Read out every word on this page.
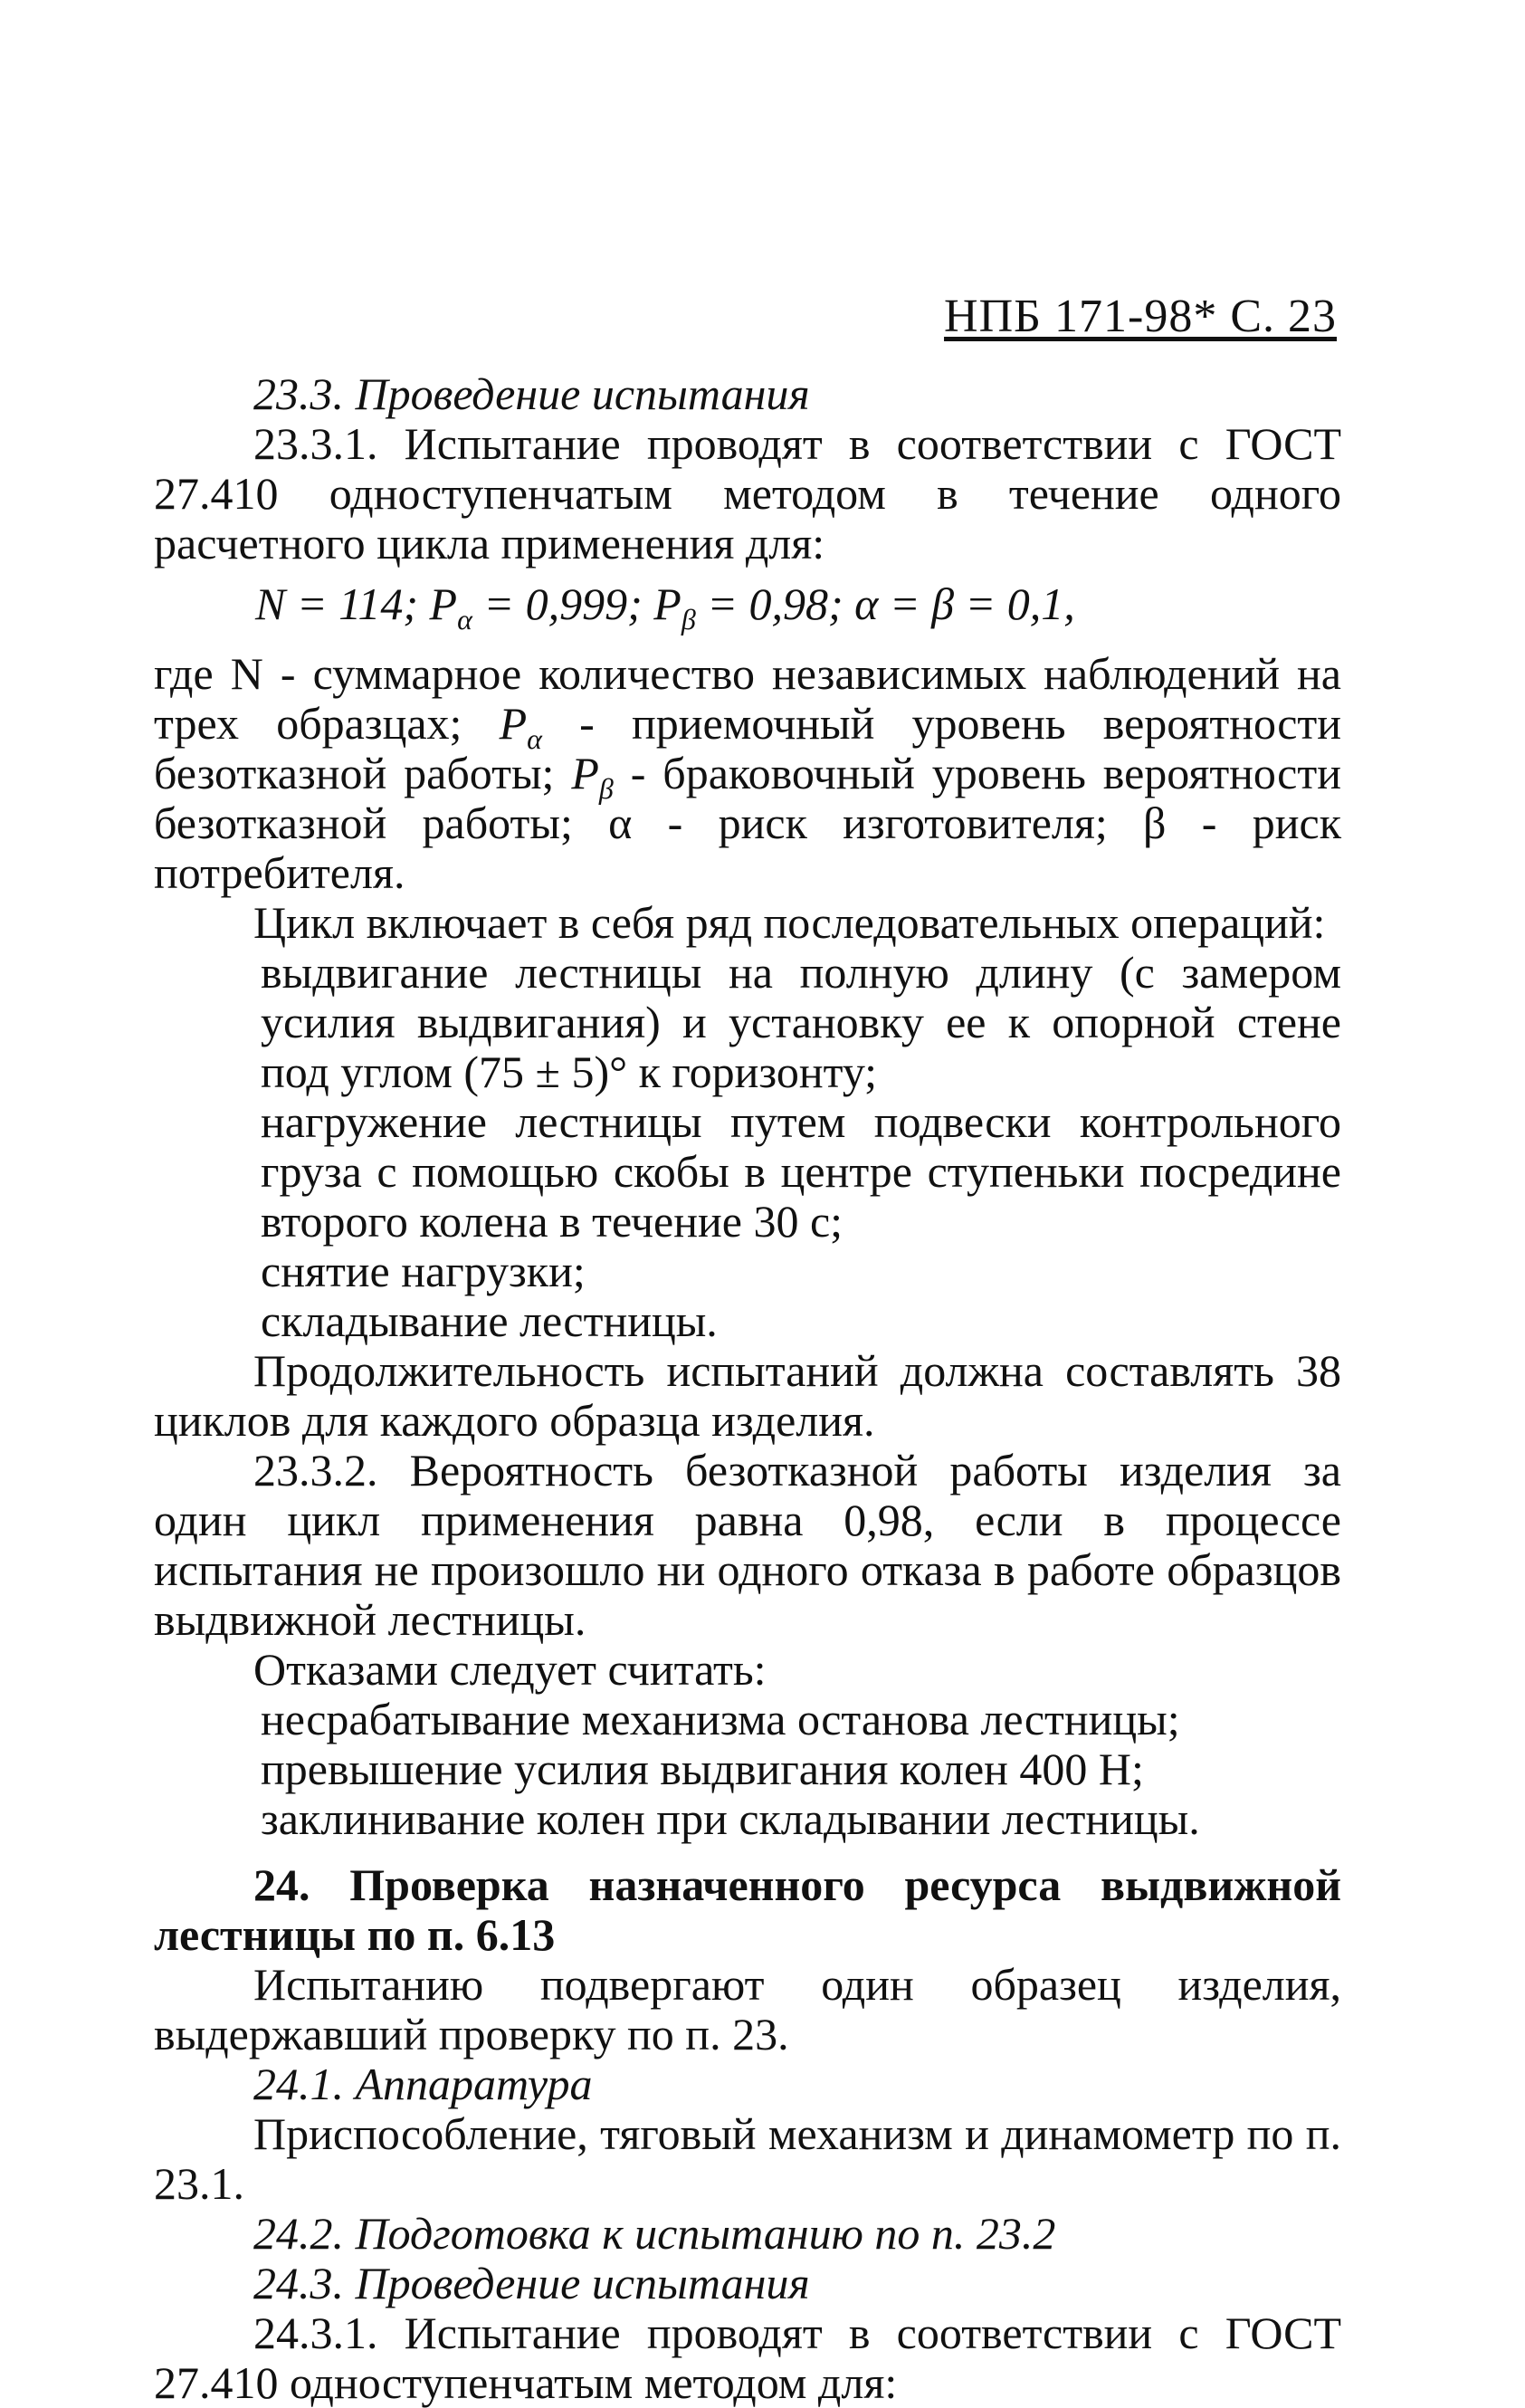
НПБ 171-98* С. 23

23.3. Проведение испытания

23.3.1. Испытание проводят в соответствии с ГОСТ 27.410 одноступенчатым методом в течение одного расчетного цикла применения для:

N = 114; $P_\alpha = 0,999$; $P_\beta = 0,98$; α = β = 0,1,

где N - суммарное количество независимых наблюдений на трех образцах; $P_\alpha$ - приемочный уровень вероятности безотказной работы; $P_\beta$ - браковочный уровень вероятности безотказной работы; α - риск изготовителя; β - риск потребителя.

Цикл включает в себя ряд последовательных операций:

выдвигание лестницы на полную длину (с замером усилия выдвигания) и установку ее к опорной стене под углом (75 ± 5)° к горизонту;

нагружение лестницы путем подвески контрольного груза с помощью скобы в центре ступеньки посредине второго колена в течение 30 с;

снятие нагрузки;

складывание лестницы.

Продолжительность испытаний должна составлять 38 циклов для каждого образца изделия.

23.3.2. Вероятность безотказной работы изделия за один цикл применения равна 0,98, если в процессе испытания не произошло ни одного отказа в работе образцов выдвижной лестницы.

Отказами следует считать:

несрабатывание механизма останова лестницы;

превышение усилия выдвигания колен 400 Н;

заклинивание колен при складывании лестницы.

24. Проверка назначенного ресурса выдвижной лестницы по п. 6.13

Испытанию подвергают один образец изделия, выдержавший проверку по п. 23.

24.1. Аппаратура

Приспособление, тяговый механизм и динамометр по п. 23.1.

24.2. Подготовка к испытанию по п. 23.2

24.3. Проведение испытания

24.3.1. Испытание проводят в соответствии с ГОСТ 27.410 одноступенчатым методом для:
